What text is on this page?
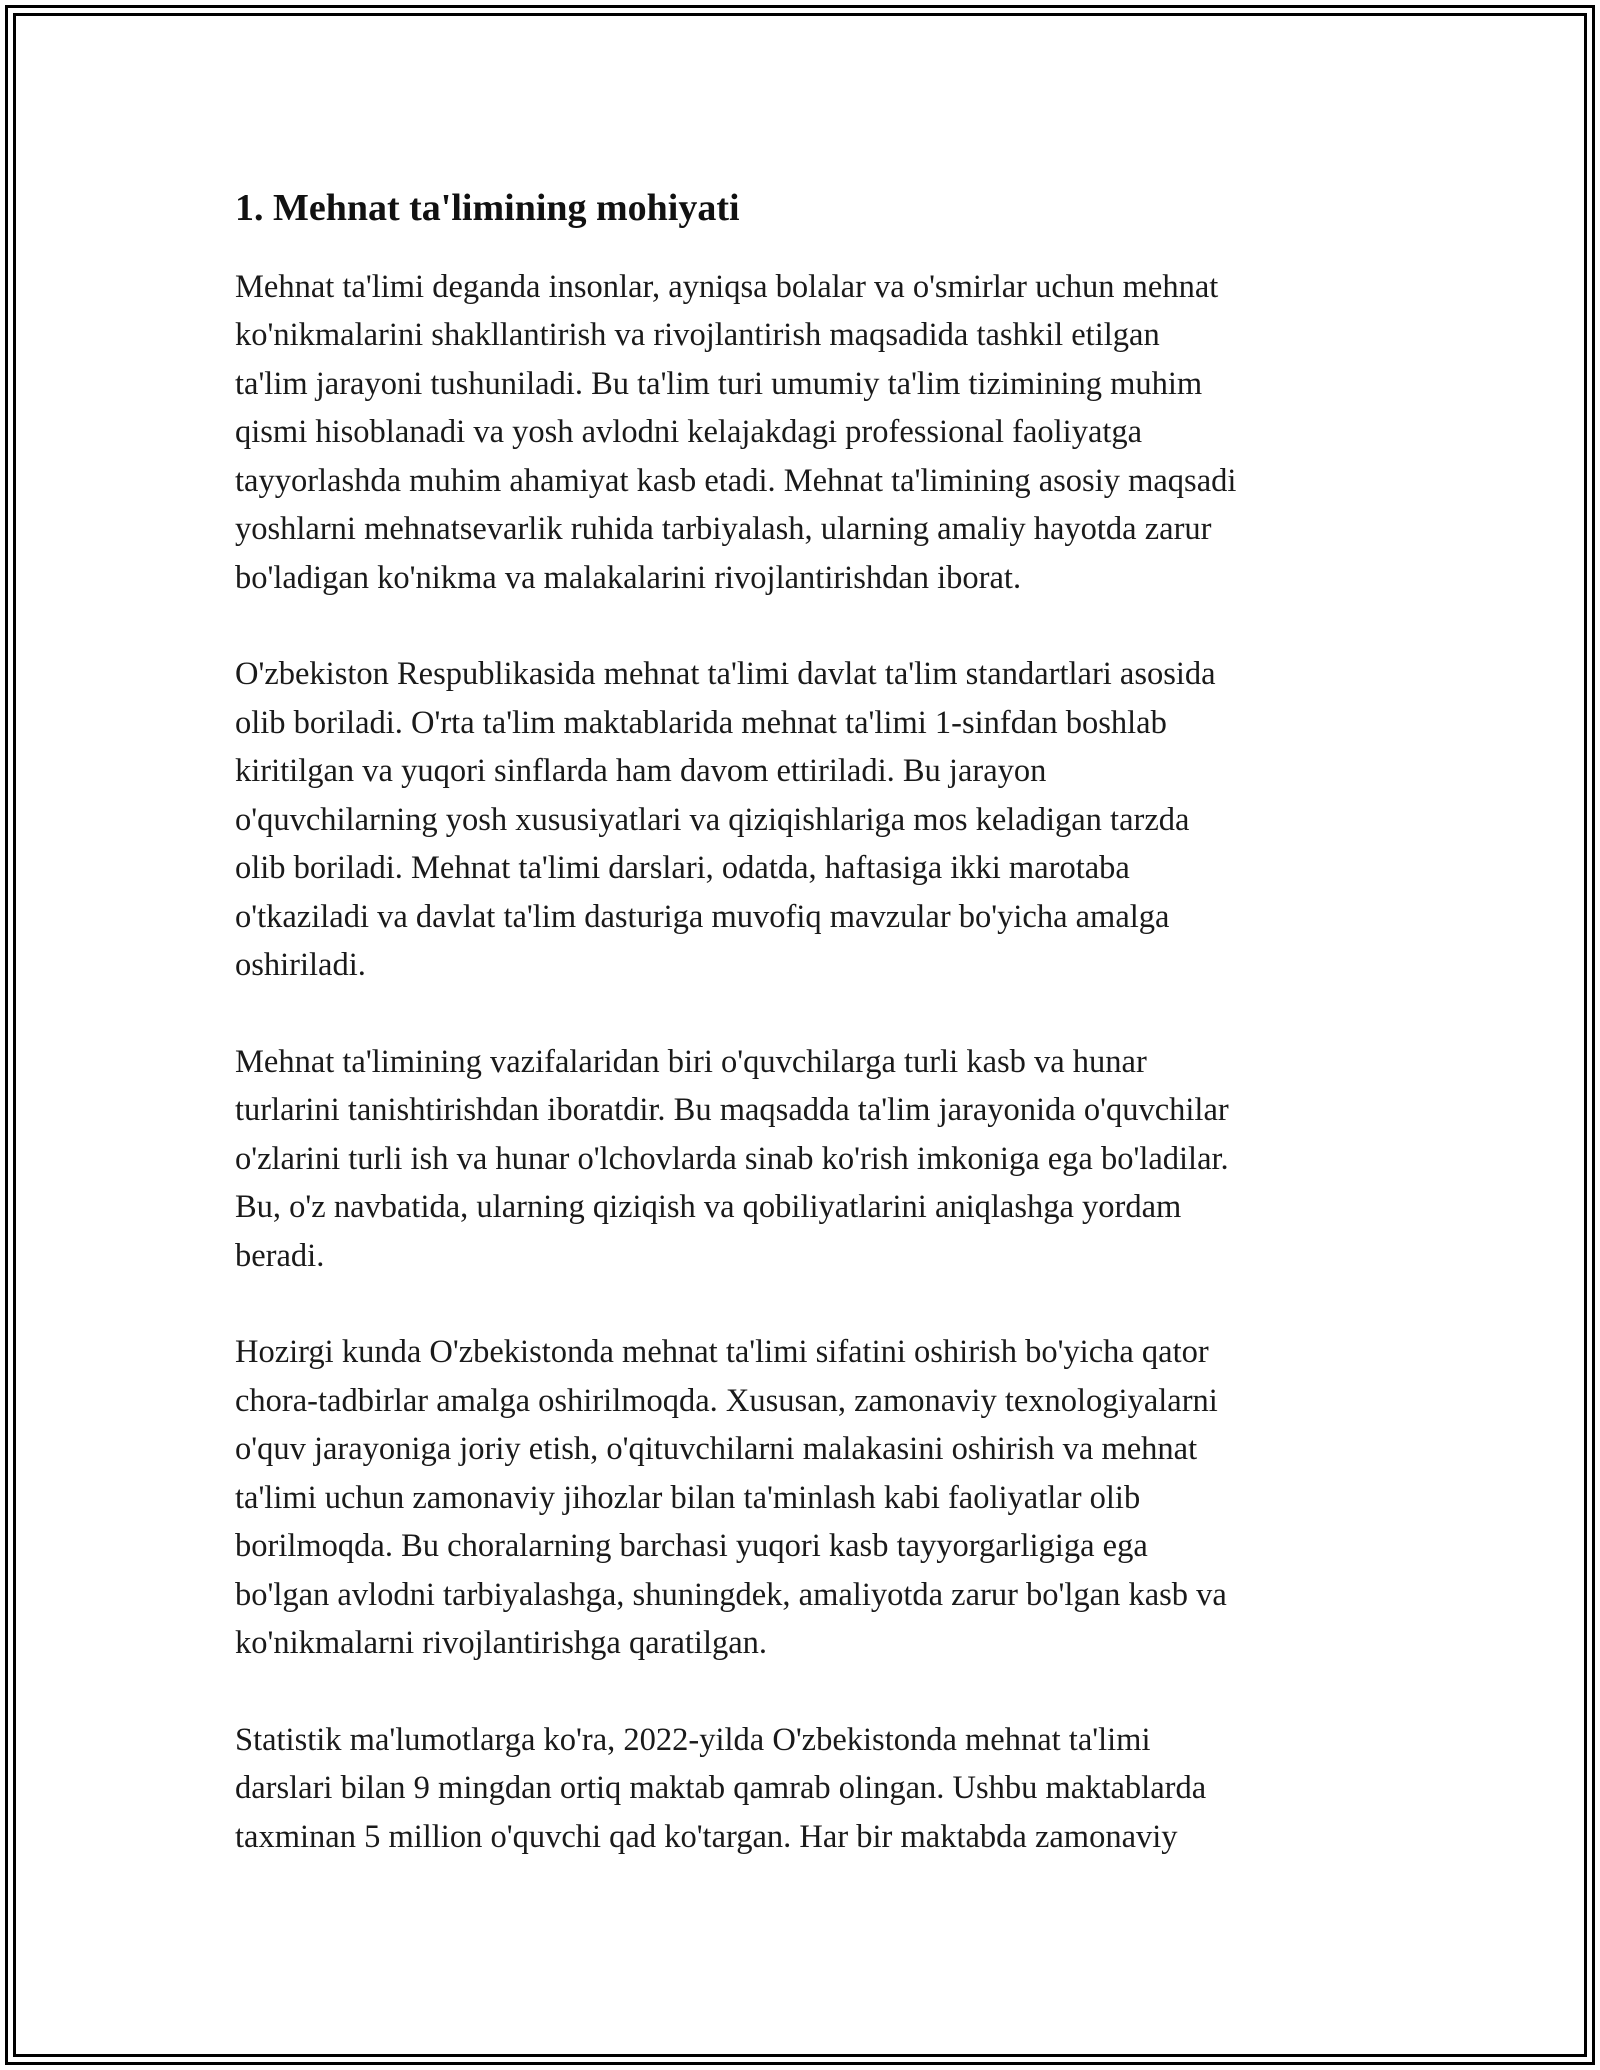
1. Mehnat ta'limining mohiyati

Mehnat ta'limi deganda insonlar, ayniqsa bolalar va o'smirlar uchun mehnat
ko'nikmalarini shakllantirish va rivojlantirish maqsadida tashkil etilgan
ta'lim jarayoni tushuniladi. Bu ta'lim turi umumiy ta'lim tizimining muhim
qismi hisoblanadi va yosh avlodni kelajakdagi professional faoliyatga
tayyorlashda muhim ahamiyat kasb etadi. Mehnat ta'limining asosiy maqsadi
yoshlarni mehnatsevarlik ruhida tarbiyalash, ularning amaliy hayotda zarur
bo'ladigan ko'nikma va malakalarini rivojlantirishdan iborat.

O'zbekiston Respublikasida mehnat ta'limi davlat ta'lim standartlari asosida
olib boriladi. O'rta ta'lim maktablarida mehnat ta'limi 1-sinfdan boshlab
kiritilgan va yuqori sinflarda ham davom ettiriladi. Bu jarayon
o'quvchilarning yosh xususiyatlari va qiziqishlariga mos keladigan tarzda
olib boriladi. Mehnat ta'limi darslari, odatda, haftasiga ikki marotaba
o'tkaziladi va davlat ta'lim dasturiga muvofiq mavzular bo'yicha amalga
oshiriladi.

Mehnat ta'limining vazifalaridan biri o'quvchilarga turli kasb va hunar
turlarini tanishtirishdan iboratdir. Bu maqsadda ta'lim jarayonida o'quvchilar
o'zlarini turli ish va hunar o'lchovlarda sinab ko'rish imkoniga ega bo'ladilar.
Bu, o'z navbatida, ularning qiziqish va qobiliyatlarini aniqlashga yordam
beradi.

Hozirgi kunda O'zbekistonda mehnat ta'limi sifatini oshirish bo'yicha qator
chora-tadbirlar amalga oshirilmoqda. Xususan, zamonaviy texnologiyalarni
o'quv jarayoniga joriy etish, o'qituvchilarni malakasini oshirish va mehnat
ta'limi uchun zamonaviy jihozlar bilan ta'minlash kabi faoliyatlar olib
borilmoqda. Bu choralarning barchasi yuqori kasb tayyorgarligiga ega
bo'lgan avlodni tarbiyalashga, shuningdek, amaliyotda zarur bo'lgan kasb va
ko'nikmalarni rivojlantirishga qaratilgan.

Statistik ma'lumotlarga ko'ra, 2022-yilda O'zbekistonda mehnat ta'limi
darslari bilan 9 mingdan ortiq maktab qamrab olingan. Ushbu maktablarda
taxminan 5 million o'quvchi qad ko'targan. Har bir maktabda zamonaviy
